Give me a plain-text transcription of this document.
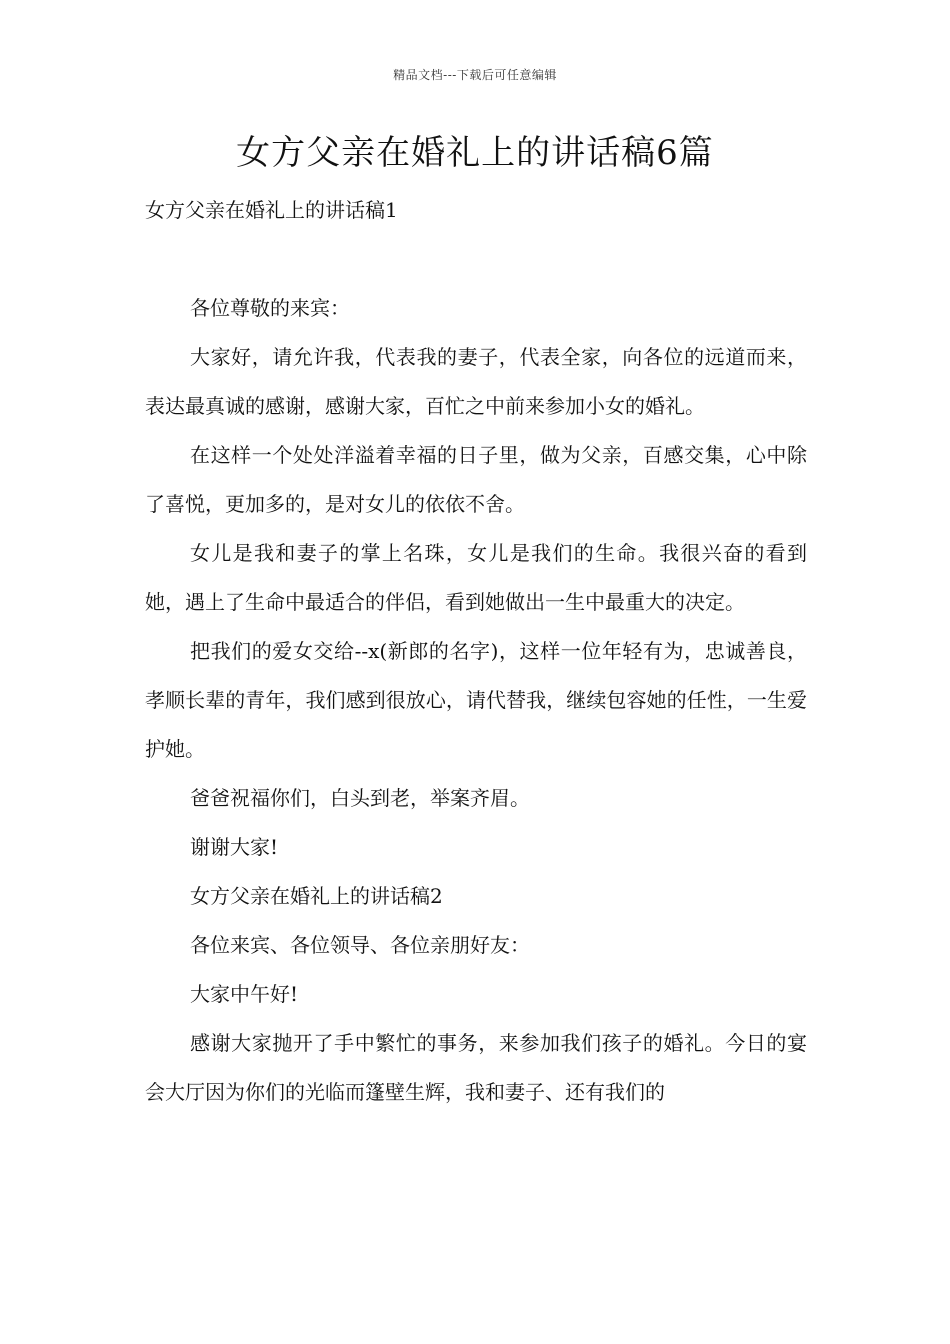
精品文档---下载后可任意编辑
女方父亲在婚礼上的讲话稿6篇

女方父亲在婚礼上的讲话稿1

各位尊敬的来宾：

大家好，请允许我，代表我的妻子，代表全家，向各位的远道而来，表达最真诚的感谢，感谢大家，百忙之中前来参加小女的婚礼。

在这样一个处处洋溢着幸福的日子里，做为父亲，百感交集，心中除了喜悦，更加多的，是对女儿的依依不舍。

女儿是我和妻子的掌上名珠，女儿是我们的生命。我很兴奋的看到她，遇上了生命中最适合的伴侣，看到她做出一生中最重大的决定。

把我们的爱女交给--x(新郎的名字)，这样一位年轻有为，忠诚善良，孝顺长辈的青年，我们感到很放心，请代替我，继续包容她的任性，一生爱护她。

爸爸祝福你们，白头到老，举案齐眉。

谢谢大家!

女方父亲在婚礼上的讲话稿2

各位来宾、各位领导、各位亲朋好友：

大家中午好!

感谢大家抛开了手中繁忙的事务，来参加我们孩子的婚礼。今日的宴会大厅因为你们的光临而篷壁生辉，我和妻子、还有我们的
